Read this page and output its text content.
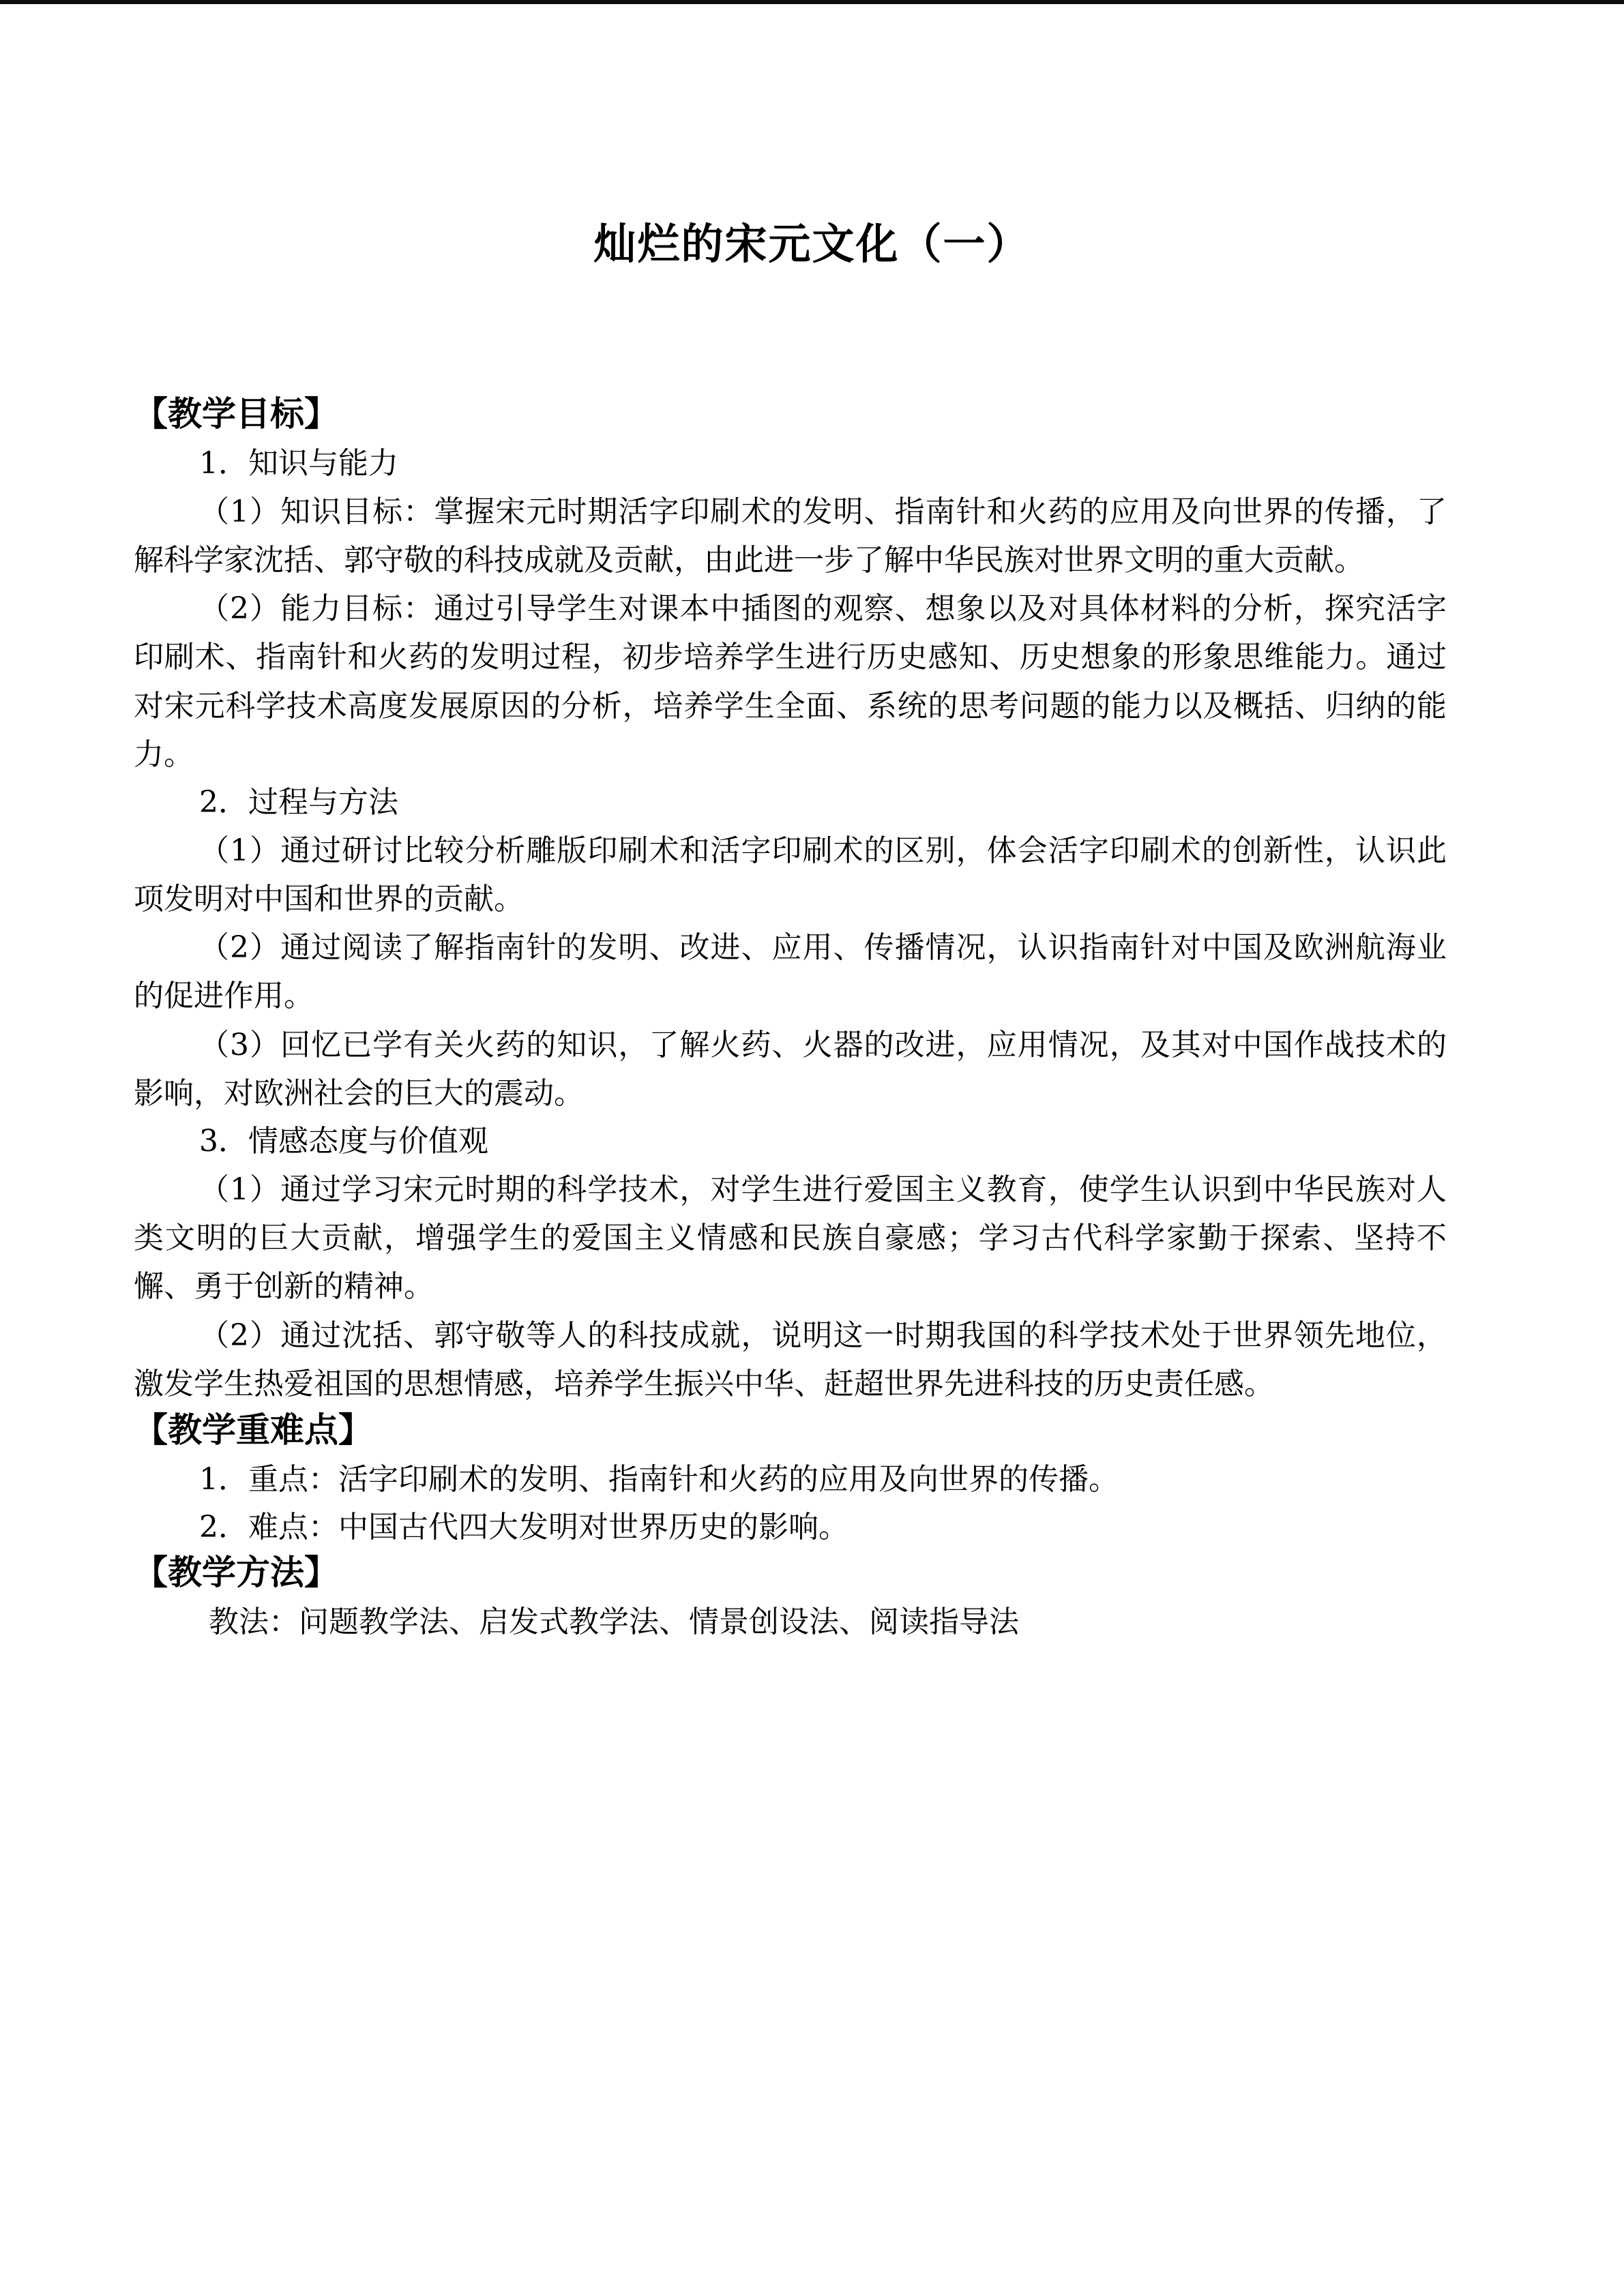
灿烂的宋元文化（一）
【教学目标】

1．知识与能力

（1）知识目标：掌握宋元时期活字印刷术的发明、指南针和火药的应用及向世界的传播，了解科学家沈括、郭守敬的科技成就及贡献，由此进一步了解中华民族对世界文明的重大贡献。

（2）能力目标：通过引导学生对课本中插图的观察、想象以及对具体材料的分析，探究活字印刷术、指南针和火药的发明过程，初步培养学生进行历史感知、历史想象的形象思维能力。通过对宋元科学技术高度发展原因的分析，培养学生全面、系统的思考问题的能力以及概括、归纳的能力。

2．过程与方法

（1）通过研讨比较分析雕版印刷术和活字印刷术的区别，体会活字印刷术的创新性，认识此项发明对中国和世界的贡献。

（2）通过阅读了解指南针的发明、改进、应用、传播情况，认识指南针对中国及欧洲航海业的促进作用。

（3）回忆已学有关火药的知识，了解火药、火器的改进，应用情况，及其对中国作战技术的影响，对欧洲社会的巨大的震动。

3．情感态度与价值观

（1）通过学习宋元时期的科学技术，对学生进行爱国主义教育，使学生认识到中华民族对人类文明的巨大贡献，增强学生的爱国主义情感和民族自豪感；学习古代科学家勤于探索、坚持不懈、勇于创新的精神。

（2）通过沈括、郭守敬等人的科技成就，说明这一时期我国的科学技术处于世界领先地位，激发学生热爱祖国的思想情感，培养学生振兴中华、赶超世界先进科技的历史责任感。

【教学重难点】

1．重点：活字印刷术的发明、指南针和火药的应用及向世界的传播。

2．难点：中国古代四大发明对世界历史的影响。

【教学方法】

教法：问题教学法、启发式教学法、情景创设法、阅读指导法
